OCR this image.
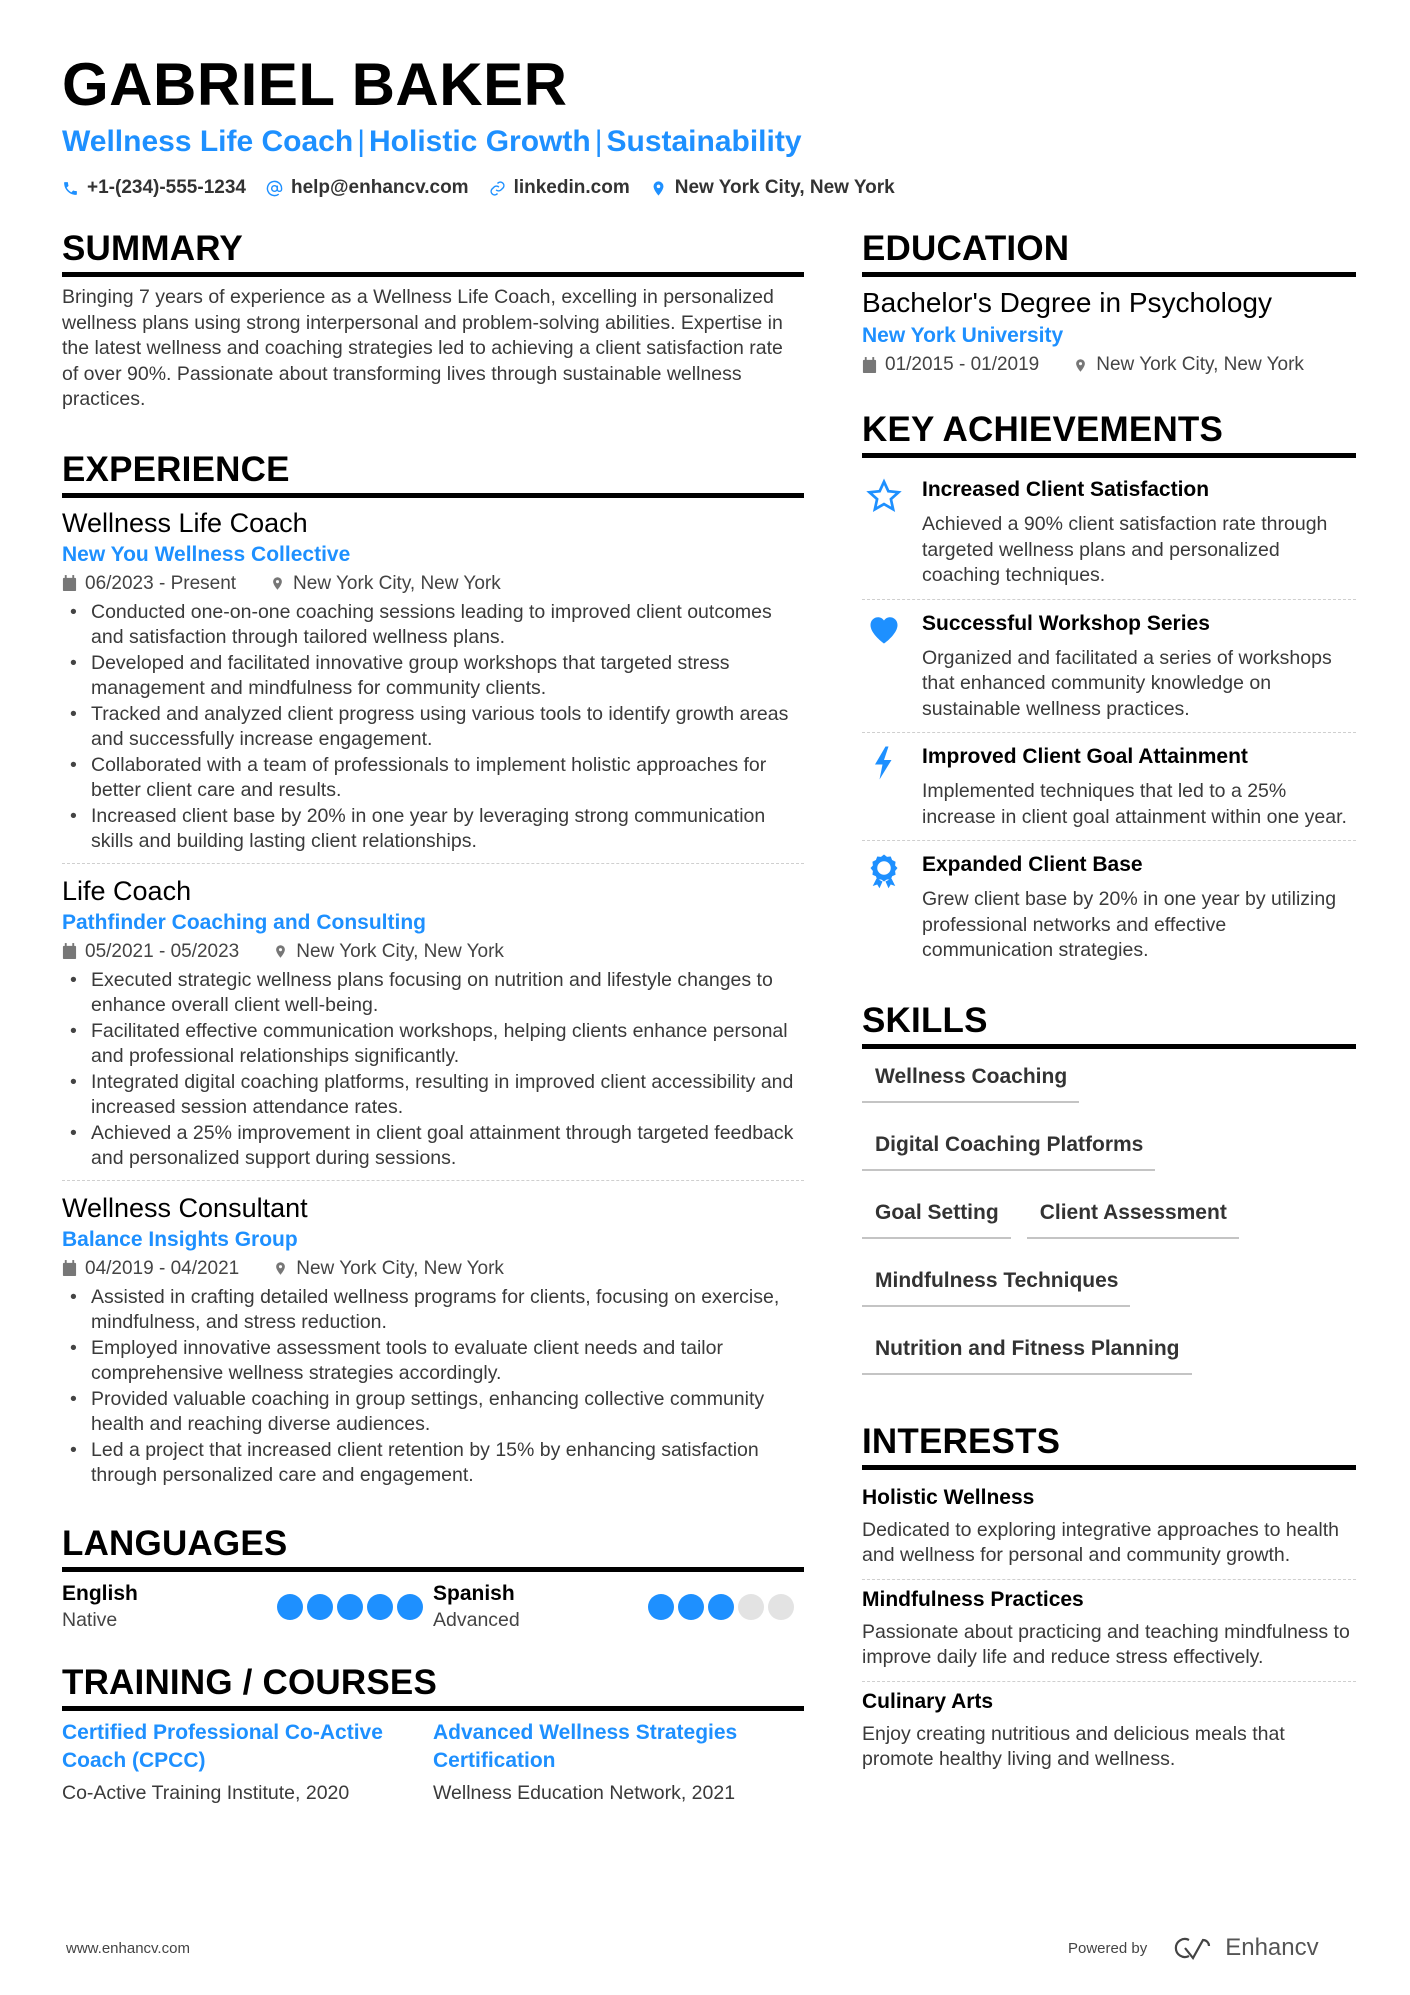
GABRIEL BAKER
Wellness Life Coach | Holistic Growth | Sustainability
+1-(234)-555-1234 help@enhancv.com linkedin.com New York City, New York
SUMMARY

Bringing 7 years of experience as a Wellness Life Coach, excelling in personalized wellness plans using strong interpersonal and problem-solving abilities. Expertise in the latest wellness and coaching strategies led to achieving a client satisfaction rate of over 90%. Passionate about transforming lives through sustainable wellness practices.

EXPERIENCE
Wellness Life Coach
New You Wellness Collective
06/2023 - Present	New York City, New York
• Conducted one-on-one coaching sessions leading to improved client outcomes and satisfaction through tailored wellness plans.
• Developed and facilitated innovative group workshops that targeted stress management and mindfulness for community clients.
• Tracked and analyzed client progress using various tools to identify growth areas and successfully increase engagement.
• Collaborated with a team of professionals to implement holistic approaches for better client care and results.
• Increased client base by 20% in one year by leveraging strong communication skills and building lasting client relationships.
Life Coach
Pathfinder Coaching and Consulting
05/2021 - 05/2023	New York City, New York
• Executed strategic wellness plans focusing on nutrition and lifestyle changes to enhance overall client well-being.
• Facilitated effective communication workshops, helping clients enhance personal and professional relationships significantly.
• Integrated digital coaching platforms, resulting in improved client accessibility and increased session attendance rates.
• Achieved a 25% improvement in client goal attainment through targeted feedback and personalized support during sessions.
Wellness Consultant
Balance Insights Group
04/2019 - 04/2021	New York City, New York
• Assisted in crafting detailed wellness programs for clients, focusing on exercise, mindfulness, and stress reduction.
• Employed innovative assessment tools to evaluate client needs and tailor comprehensive wellness strategies accordingly.
• Provided valuable coaching in group settings, enhancing collective community health and reaching diverse audiences.
• Led a project that increased client retention by 15% by enhancing satisfaction through personalized care and engagement.
LANGUAGES
English
Native
Spanish
Advanced
TRAINING / COURSES
Certified Professional Co-Active Coach (CPCC)
Co-Active Training Institute, 2020
Advanced Wellness Strategies Certification
Wellness Education Network, 2021
EDUCATION
Bachelor's Degree in Psychology
New York University
01/2015 - 01/2019	New York City, New York
KEY ACHIEVEMENTS
Increased Client Satisfaction
Achieved a 90% client satisfaction rate through targeted wellness plans and personalized coaching techniques.
Successful Workshop Series
Organized and facilitated a series of workshops that enhanced community knowledge on sustainable wellness practices.
Improved Client Goal Attainment
Implemented techniques that led to a 25% increase in client goal attainment within one year.
Expanded Client Base
Grew client base by 20% in one year by utilizing professional networks and effective communication strategies.
SKILLS
Wellness Coaching
Digital Coaching Platforms
Goal Setting	Client Assessment
Mindfulness Techniques
Nutrition and Fitness Planning
INTERESTS
Holistic Wellness
Dedicated to exploring integrative approaches to health and wellness for personal and community growth.
Mindfulness Practices
Passionate about practicing and teaching mindfulness to improve daily life and reduce stress effectively.
Culinary Arts
Enjoy creating nutritious and delicious meals that promote healthy living and wellness.
www.enhancv.com	Powered by	Enhancv
